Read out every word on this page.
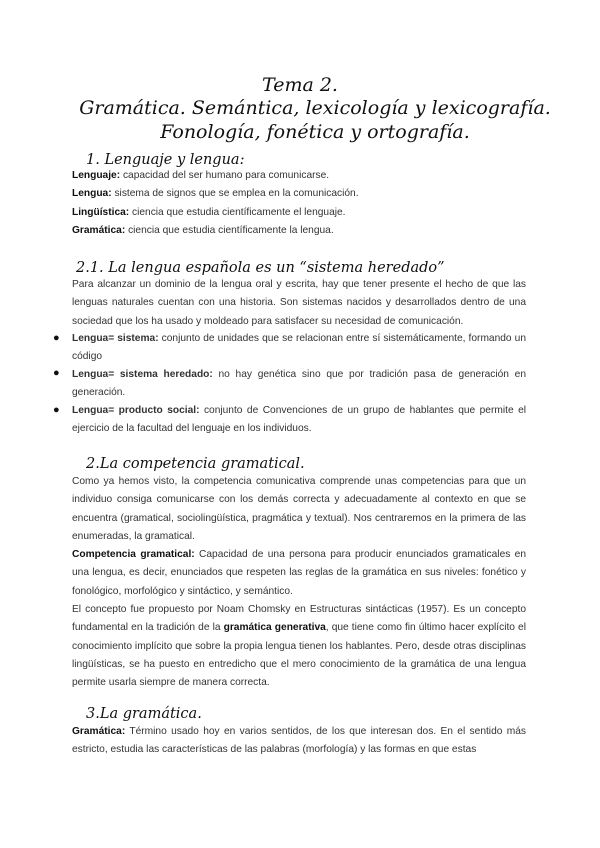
Tema 2.
Gramática. Semántica, lexicología y lexicografía.
Fonología, fonética y ortografía.
1. Lenguaje y lengua:

Lenguaje: capacidad del ser humano para comunicarse.

Lengua: sistema de signos que se emplea en la comunicación.

Lingüística: ciencia que estudia científicamente el lenguaje.

Gramática: ciencia que estudia científicamente la lengua.

2.1. La lengua española es un “sistema heredado”
Para alcanzar un dominio de la lengua oral y escrita, hay que tener presente el hecho de que las lenguas naturales cuentan con una historia. Son sistemas nacidos y desarrollados dentro de una sociedad que los ha usado y moldeado para satisfacer su necesidad de comunicación.
● Lengua= sistema: conjunto de unidades que se relacionan entre sí sistemáticamente, formando un código
● Lengua= sistema heredado: no hay genética sino que por tradición pasa de generación en generación.
● Lengua= producto social: conjunto de Convenciones de un grupo de hablantes que permite el ejercicio de la facultad del lenguaje en los individuos.
2.La competencia gramatical.
Como ya hemos visto, la competencia comunicativa comprende unas competencias para que un individuo consiga comunicarse con los demás correcta y adecuadamente al contexto en que se encuentra (gramatical, sociolingüística, pragmática y textual). Nos centraremos en la primera de las enumeradas, la gramatical.
Competencia gramatical: Capacidad de una persona para producir enunciados gramaticales en una lengua, es decir, enunciados que respeten las reglas de la gramática en sus niveles: fonético y fonológico, morfológico y sintáctico, y semántico.
El concepto fue propuesto por Noam Chomsky en Estructuras sintácticas (1957). Es un concepto fundamental en la tradición de la gramática generativa, que tiene como fin último hacer explícito el conocimiento implícito que sobre la propia lengua tienen los hablantes. Pero, desde otras disciplinas lingüísticas, se ha puesto en entredicho que el mero conocimiento de la gramática de una lengua permite usarla siempre de manera correcta.
3.La gramática.
Gramática: Término usado hoy en varios sentidos, de los que interesan dos. En el sentido más estricto, estudia las características de las palabras (morfología) y las formas en que estas
